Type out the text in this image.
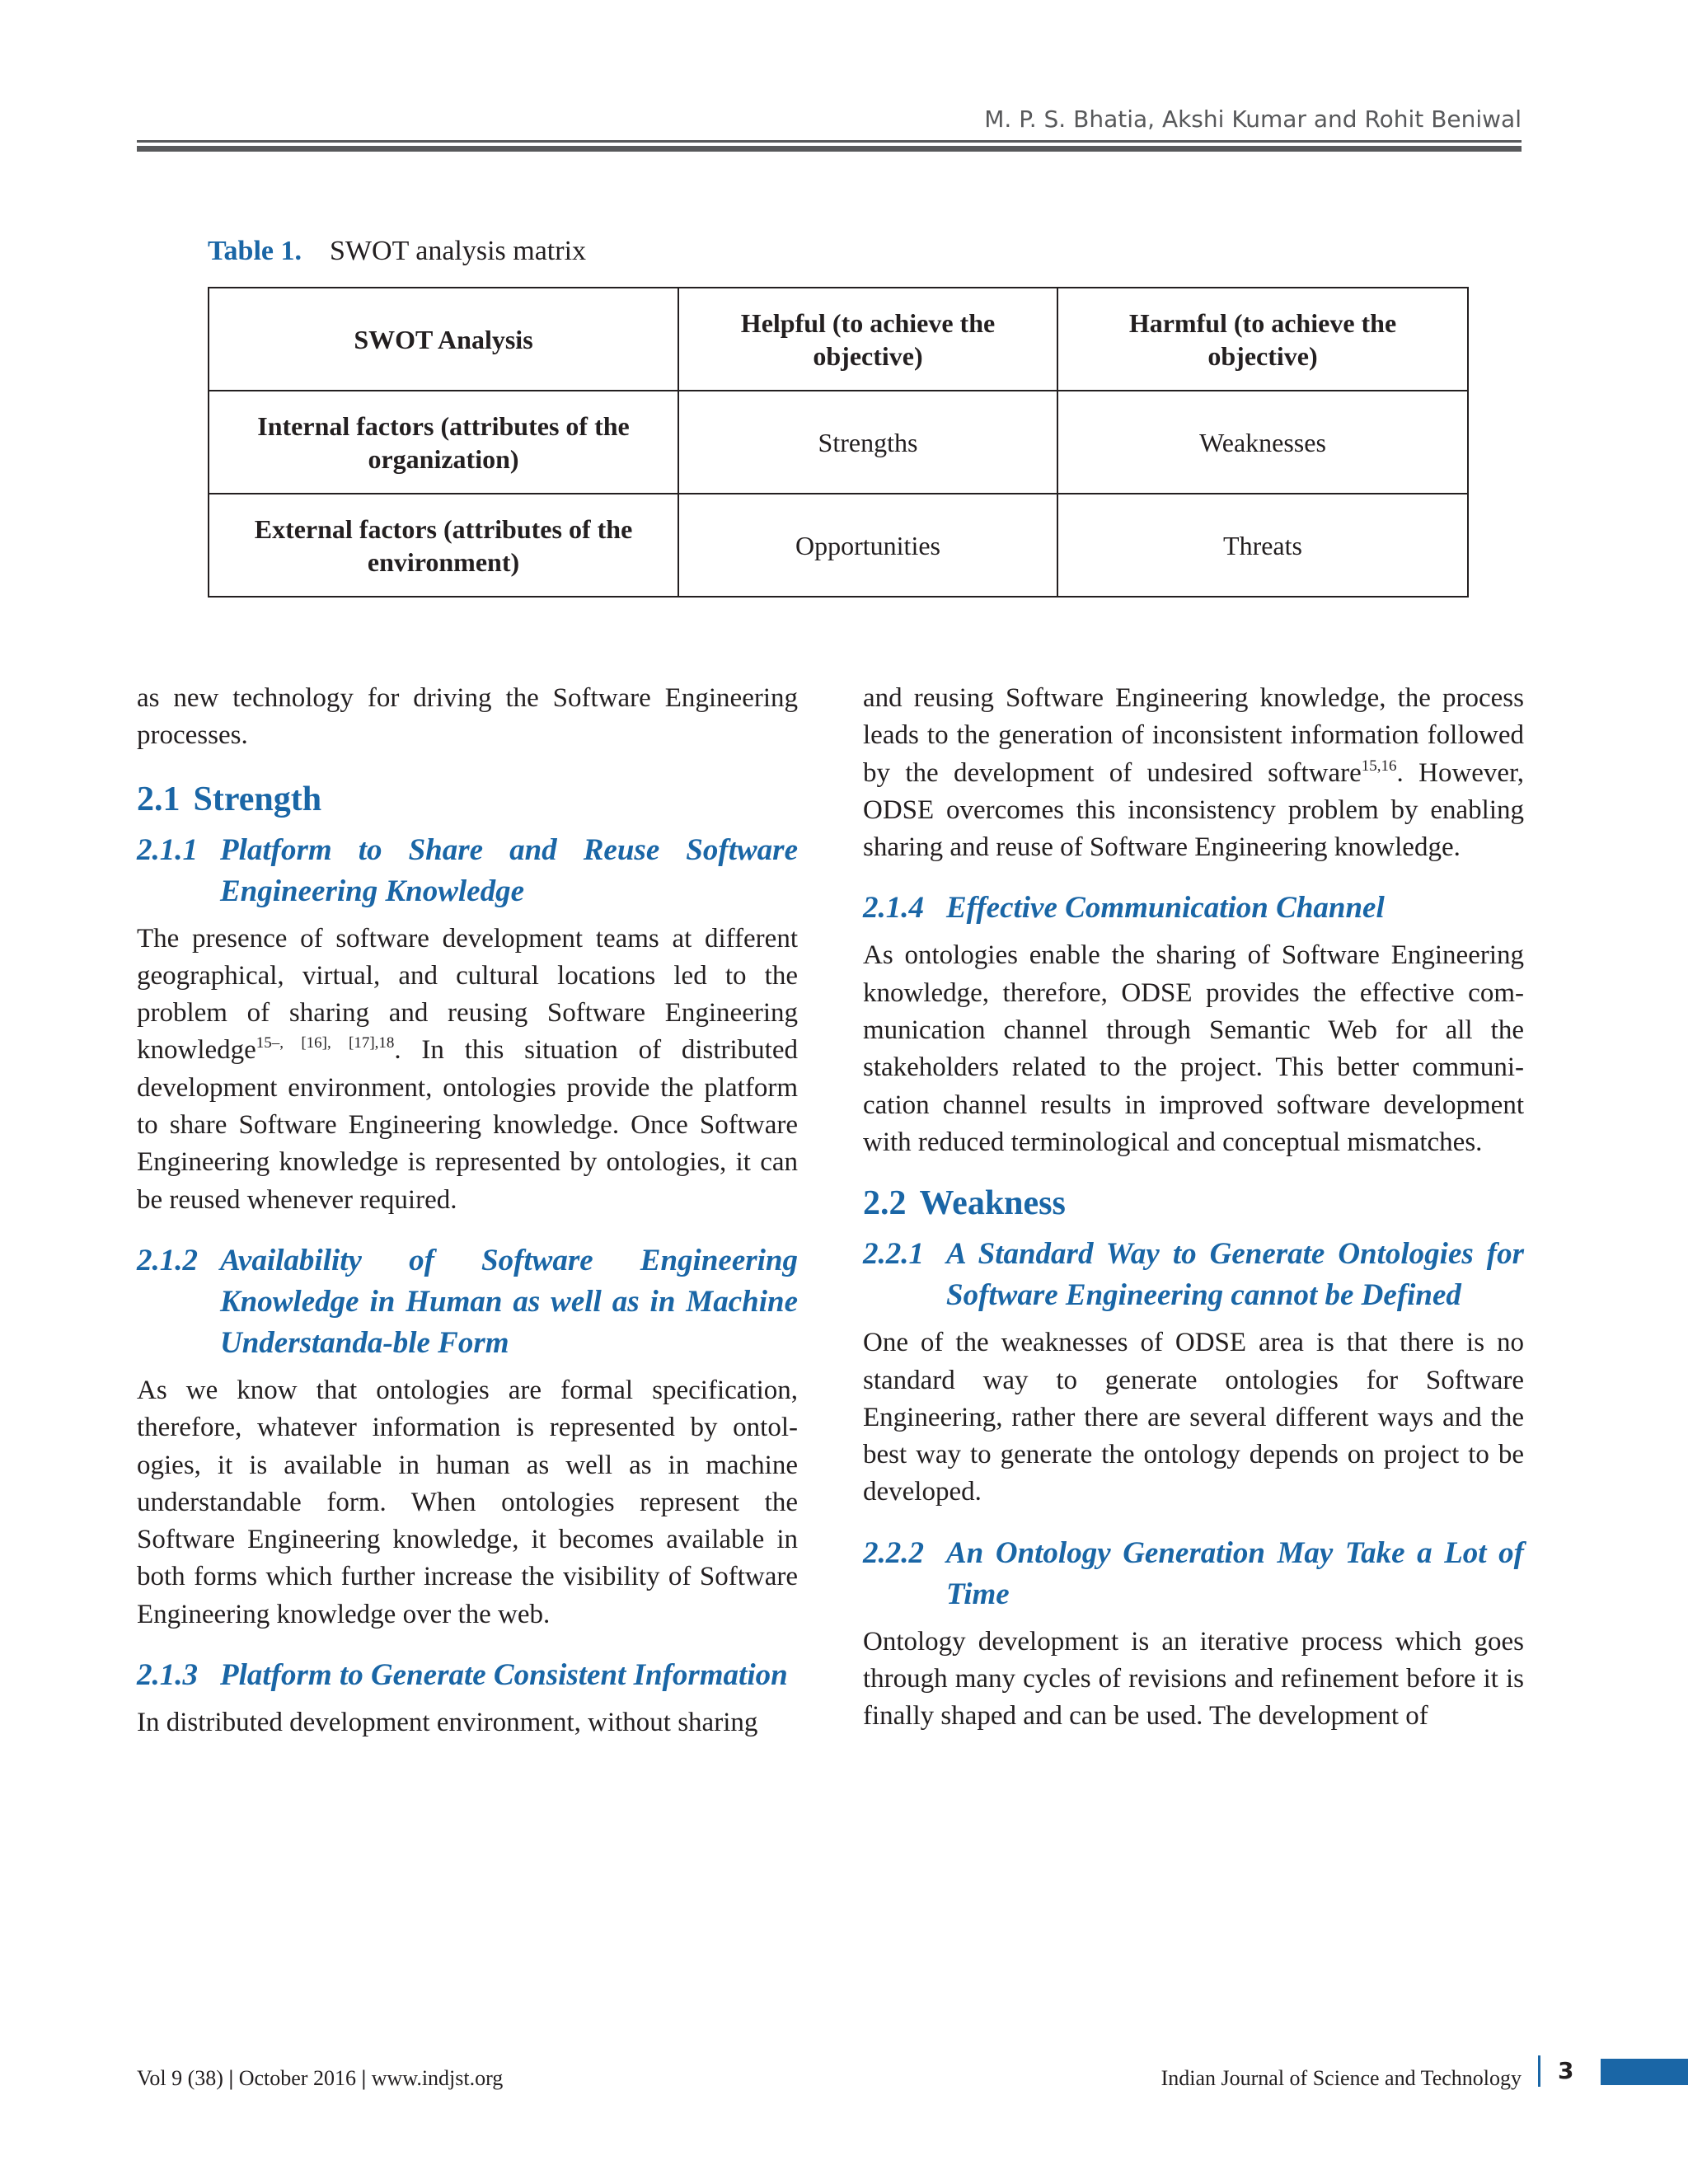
M. P. S. Bhatia, Akshi Kumar and Rohit Beniwal
Table 1. SWOT analysis matrix
SWOT Analysis	Helpful (to achieve the objective)	Harmful (to achieve the objective)
Internal factors (attributes of the organization)	Strengths	Weaknesses
External factors (attributes of the environment)	Opportunities	Threats

as new technology for driving the Software Engineering processes.

2.1 Strength
2.1.1 Platform to Share and Reuse Software Engineering Knowledge

The presence of software development teams at different geographical, virtual, and cultural locations led to the problem of sharing and reusing Software Engineering knowledge$^{15-, [16], [17],18}$. In this situation of distributed development environment, ontologies provide the platform to share Software Engineering knowledge. Once Software Engineering knowledge is represented by ontologies, it can be reused whenever required.

2.1.2 Availability of Software Engineering Knowledge in Human as well as in Machine Understanda-ble Form

As we know that ontologies are formal specification, therefore, whatever information is represented by ontologies, it is available in human as well as in machine understandable form. When ontologies represent the Software Engineering knowledge, it becomes available in both forms which further increase the visibility of Software Engineering knowledge over the web.

2.1.3 Platform to Generate Consistent Information

In distributed development environment, without sharing

and reusing Software Engineering knowledge, the process leads to the generation of inconsistent information followed by the development of undesired software$^{15,16}$. However, ODSE overcomes this inconsistency problem by enabling sharing and reuse of Software Engineering knowledge.

2.1.4 Effective Communication Channel

As ontologies enable the sharing of Software Engineering knowledge, therefore, ODSE provides the effective communication channel through Semantic Web for all the stakeholders related to the project. This better communication channel results in improved software development with reduced terminological and conceptual mismatches.

2.2 Weakness
2.2.1 A Standard Way to Generate Ontologies for Software Engineering cannot be Defined

One of the weaknesses of ODSE area is that there is no standard way to generate ontologies for Software Engineering, rather there are several different ways and the best way to generate the ontology depends on project to be developed.

2.2.2 An Ontology Generation May Take a Lot of Time

Ontology development is an iterative process which goes through many cycles of revisions and refinement before it is finally shaped and can be used. The development of

Vol 9 (38) | October 2016 | www.indjst.org	Indian Journal of Science and Technology 3
